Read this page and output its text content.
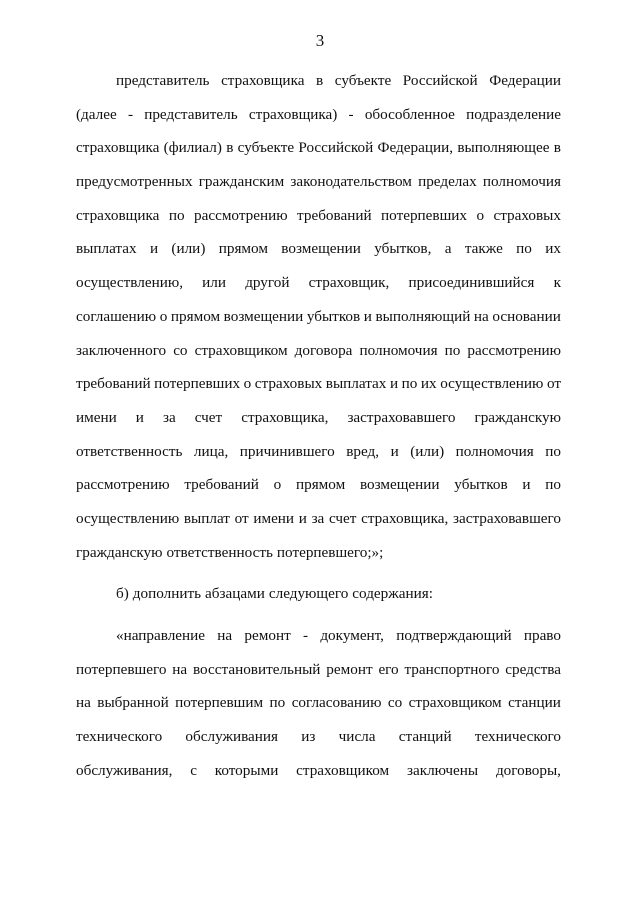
3
представитель страховщика в субъекте Российской Федерации
(далее - представитель страховщика) - обособленное подразделение
страховщика (филиал) в субъекте Российской Федерации, выполняющее в
предусмотренных гражданским законодательством пределах полномочия
страховщика по рассмотрению требований потерпевших о страховых
выплатах и (или) прямом возмещении убытков, а также по их
осуществлению, или другой страховщик, присоединившийся к
соглашению о прямом возмещении убытков и выполняющий на основании
заключенного со страховщиком договора полномочия по рассмотрению
требований потерпевших о страховых выплатах и по их осуществлению от
имени и за счет страховщика, застраховавшего гражданскую
ответственность лица, причинившего вред, и (или) полномочия по
рассмотрению требований о прямом возмещении убытков и по
осуществлению выплат от имени и за счет страховщика, застраховавшего
гражданскую ответственность потерпевшего;»;
б) дополнить абзацами следующего содержания:
«направление на ремонт - документ, подтверждающий право
потерпевшего на восстановительный ремонт его транспортного средства
на выбранной потерпевшим по согласованию со страховщиком станции
технического обслуживания из числа станций технического
обслуживания, с которыми страховщиком заключены договоры,
